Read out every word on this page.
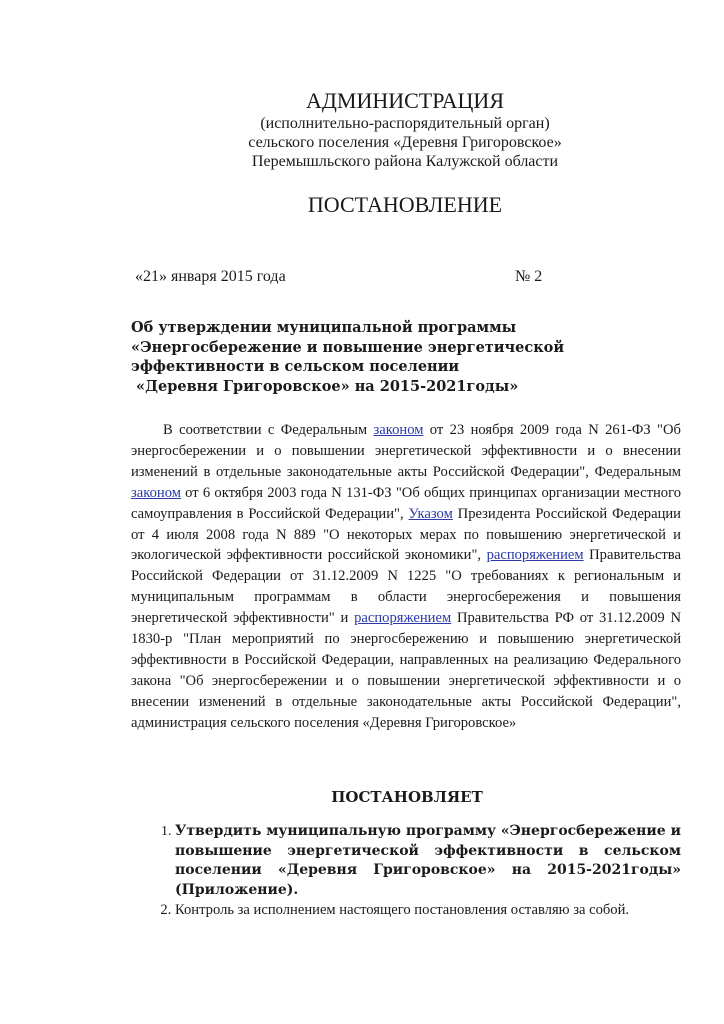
АДМИНИСТРАЦИЯ
(исполнительно-распорядительный орган)
сельского поселения «Деревня Григоровское»
Перемышльского района Калужской области
ПОСТАНОВЛЕНИЕ
«21» января 2015 года	№ 2
Об утверждении муниципальной программы
«Энергосбережение и повышение энергетической
эффективности в сельском поселении
«Деревня Григоровское» на 2015-2021годы»

В соответствии с Федеральным законом от 23 ноября 2009 года N 261-ФЗ "Об энергосбережении и о повышении энергетической эффективности и о внесении изменений в отдельные законодательные акты Российской Федерации", Федеральным законом от 6 октября 2003 года N 131-ФЗ "Об общих принципах организации местного самоуправления в Российской Федерации", Указом Президента Российской Федерации от 4 июля 2008 года N 889 "О некоторых мерах по повышению энергетической и экологической эффективности российской экономики", распоряжением Правительства Российской Федерации от 31.12.2009 N 1225 "О требованиях к региональным и муниципальным программам в области энергосбережения и повышения энергетической эффективности" и распоряжением Правительства РФ от 31.12.2009 N 1830-р "План мероприятий по энергосбережению и повышению энергетической эффективности в Российской Федерации, направленных на реализацию Федерального закона "Об энергосбережении и о повышении энергетической эффективности и о внесении изменений в отдельные законодательные акты Российской Федерации", администрация сельского поселения «Деревня Григоровское»

ПОСТАНОВЛЯЕТ
1. Утвердить муниципальную программу «Энергосбережение и повышение энергетической эффективности в сельском поселении «Деревня Григоровское» на 2015-2021годы» (Приложение).
2. Контроль за исполнением настоящего постановления оставляю за собой.
